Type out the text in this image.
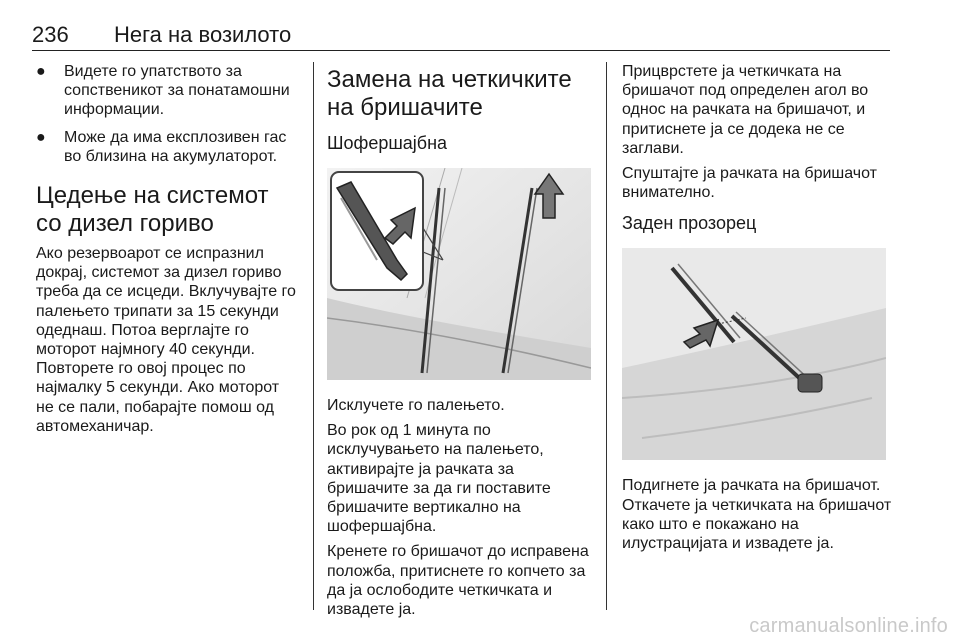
236 Нега на возилото
● Видете го упатството за сопственикот за понатамошни информации.
● Може да има експлозивен гас во близина на акумулаторот.
Цедење на системот со дизел гориво

Ако резервоарот се испразнил докрај, системот за дизел гориво треба да се исцеди. Вклучувајте го палењето трипати за 15 секунди одеднаш. Потоа верглајте го моторот најмногу 40 секунди. Повторете го овој процес по најмалку 5 секунди. Ако моторот не се пали, побарајте помош од автомеханичар.

Замена на четкичките на бришачите
Шофершајбна

Исклучете го палењето.

Во рок од 1 минута по исклучувањето на палењето, активирајте ја рачката за бришачите за да ги поставите бришачите вертикално на шофершајбна.

Кренете го бришачот до исправена положба, притиснете го копчето за да ја ослободите четкичката и извадете ја.

Прицврстете ја четкичката на бришачот под определен агол во однос на рачката на бришачот, и притиснете ја се додека не се заглави.

Спуштајте ја рачката на бришачот внимателно.

Заден прозорец

Подигнете ја рачката на бришачот. Откачете ја четкичката на бришачот како што е покажано на илустрацијата и извадете ја.

carmanualsonline.info
